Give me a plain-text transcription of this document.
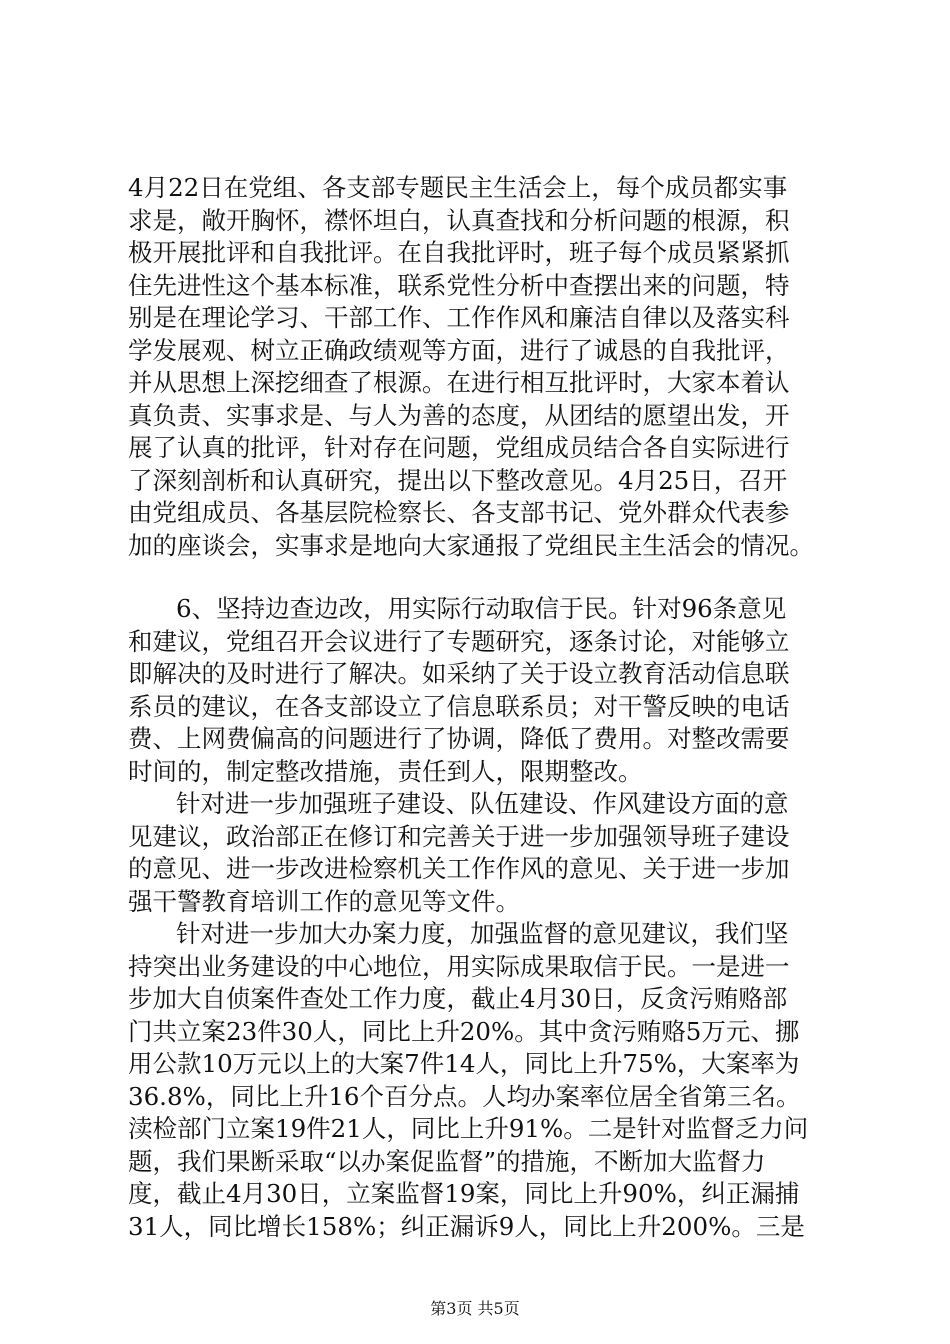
4月22日在党组、各支部专题民主生活会上，每个成员都实事
求是，敞开胸怀，襟怀坦白，认真查找和分析问题的根源，积
极开展批评和自我批评。在自我批评时，班子每个成员紧紧抓
住先进性这个基本标准，联系党性分析中查摆出来的问题，特
别是在理论学习、干部工作、工作作风和廉洁自律以及落实科
学发展观、树立正确政绩观等方面，进行了诚恳的自我批评，
并从思想上深挖细查了根源。在进行相互批评时，大家本着认
真负责、实事求是、与人为善的态度，从团结的愿望出发，开
展了认真的批评，针对存在问题，党组成员结合各自实际进行
了深刻剖析和认真研究，提出以下整改意见。4月25日，召开
由党组成员、各基层院检察长、各支部书记、党外群众代表参
加的座谈会，实事求是地向大家通报了党组民主生活会的情况。
6、坚持边查边改，用实际行动取信于民。针对96条意见
和建议，党组召开会议进行了专题研究，逐条讨论，对能够立
即解决的及时进行了解决。如采纳了关于设立教育活动信息联
系员的建议，在各支部设立了信息联系员；对干警反映的电话
费、上网费偏高的问题进行了协调，降低了费用。对整改需要
时间的，制定整改措施，责任到人，限期整改。
针对进一步加强班子建设、队伍建设、作风建设方面的意
见建议，政治部正在修订和完善关于进一步加强领导班子建设
的意见、进一步改进检察机关工作作风的意见、关于进一步加
强干警教育培训工作的意见等文件。
针对进一步加大办案力度，加强监督的意见建议，我们坚
持突出业务建设的中心地位，用实际成果取信于民。一是进一
步加大自侦案件查处工作力度，截止4月30日，反贪污贿赂部
门共立案23件30人，同比上升20%。其中贪污贿赂5万元、挪
用公款10万元以上的大案7件14人，同比上升75%，大案率为
36.8%，同比上升16个百分点。人均办案率位居全省第三名。
渎检部门立案19件21人，同比上升91%。二是针对监督乏力问
题，我们果断采取“以办案促监督”的措施，不断加大监督力
度，截止4月30日，立案监督19案，同比上升90%，纠正漏捕
31人，同比增长158%；纠正漏诉9人，同比上升200%。三是
第3页 共5页
